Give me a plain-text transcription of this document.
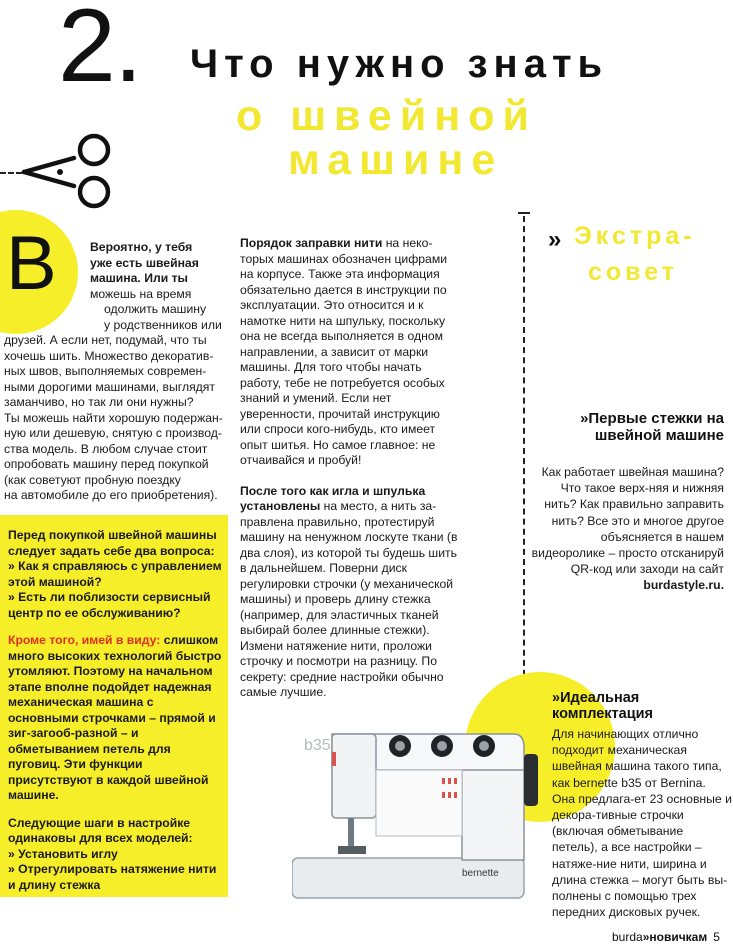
2. Что нужно знать
о швейной
машине
В	Вероятно, у тебя

уже есть швейная

машина. Или ты

можешь на время

одолжить машину

у родственников или

друзей. А если нет, подумай, что ты

хочешь шить. Множество декоратив-

ных швов, выполняемых современ-

ными дорогими машинами, выглядят

заманчиво, но так ли они нужны?

Ты можешь найти хорошую подержан-

ную или дешевую, снятую с производ-

ства модель. В любом случае стоит

опробовать машину перед покупкой

(как советуют пробную поездку

на автомобиле до его приобретения).

Перед покупкой швейной машины следует задать себе два вопроса:
» Как я справляюсь с управлением этой машиной?
» Есть ли поблизости сервисный центр по ее обслуживанию?
Кроме того, имей в виду: слишком много высоких технологий быстро утомляют. Поэтому на начальном этапе вполне подойдет надежная механическая машина с основными строчками – прямой и зиг-загооб-разной – и обметыванием петель для пуговиц. Эти функции присутствуют в каждой швейной машине.
Следующие шаги в настройке одинаковы для всех моделей:
» Установить иглу
» Отрегулировать натяжение нити и длину стежка
Порядок заправки нити на неко-торых машинах обозначен цифрами на корпусе. Также эта информация обязательно дается в инструкции по эксплуатации. Это относится и к намотке нити на шпульку, поскольку она не всегда выполняется в одном направлении, а зависит от марки машины. Для того чтобы начать работу, тебе не потребуется особых знаний и умений. Если нет уверенности, прочитай инструкцию или спроси кого-нибудь, кто имеет опыт шитья. Но самое главное: не отчаивайся и пробуй!
После того как игла и шпулька установлены на место, а нить за-правлена правильно, протестируй машину на ненужном лоскуте ткани (в два слоя), из которой ты будешь шить в дальнейшем. Поверни диск регулировки строчки (у механической машины) и проверь длину стежка (например, для эластичных тканей выбирай более длинные стежки). Измени натяжение нити, проложи строчку и посмотри на разницу. По секрету: средние настройки обычно самые лучшие.
» Экстра-
совет
»Первые стежки на швейной машине
Как работает швейная машина? Что такое верх-няя и нижняя нить? Как правильно заправить нить? Все это и многое другое объясняется в нашем видеоролике – просто отсканируй QR-код или заходи на сайт burdastyle.ru.
b35
bernette
»Идеальная комплектация
Для начинающих отлично подходит механическая швейная машина такого типа, как bernette b35 от Bernina. Она предлага-ет 23 основные и декора-тивные строчки (включая обметывание петель), а все настройки – натяже-ние нити, ширина и длина стежка – могут быть вы-полнены с помощью трех передних дисковых ручек.
burda»новичкам 5
